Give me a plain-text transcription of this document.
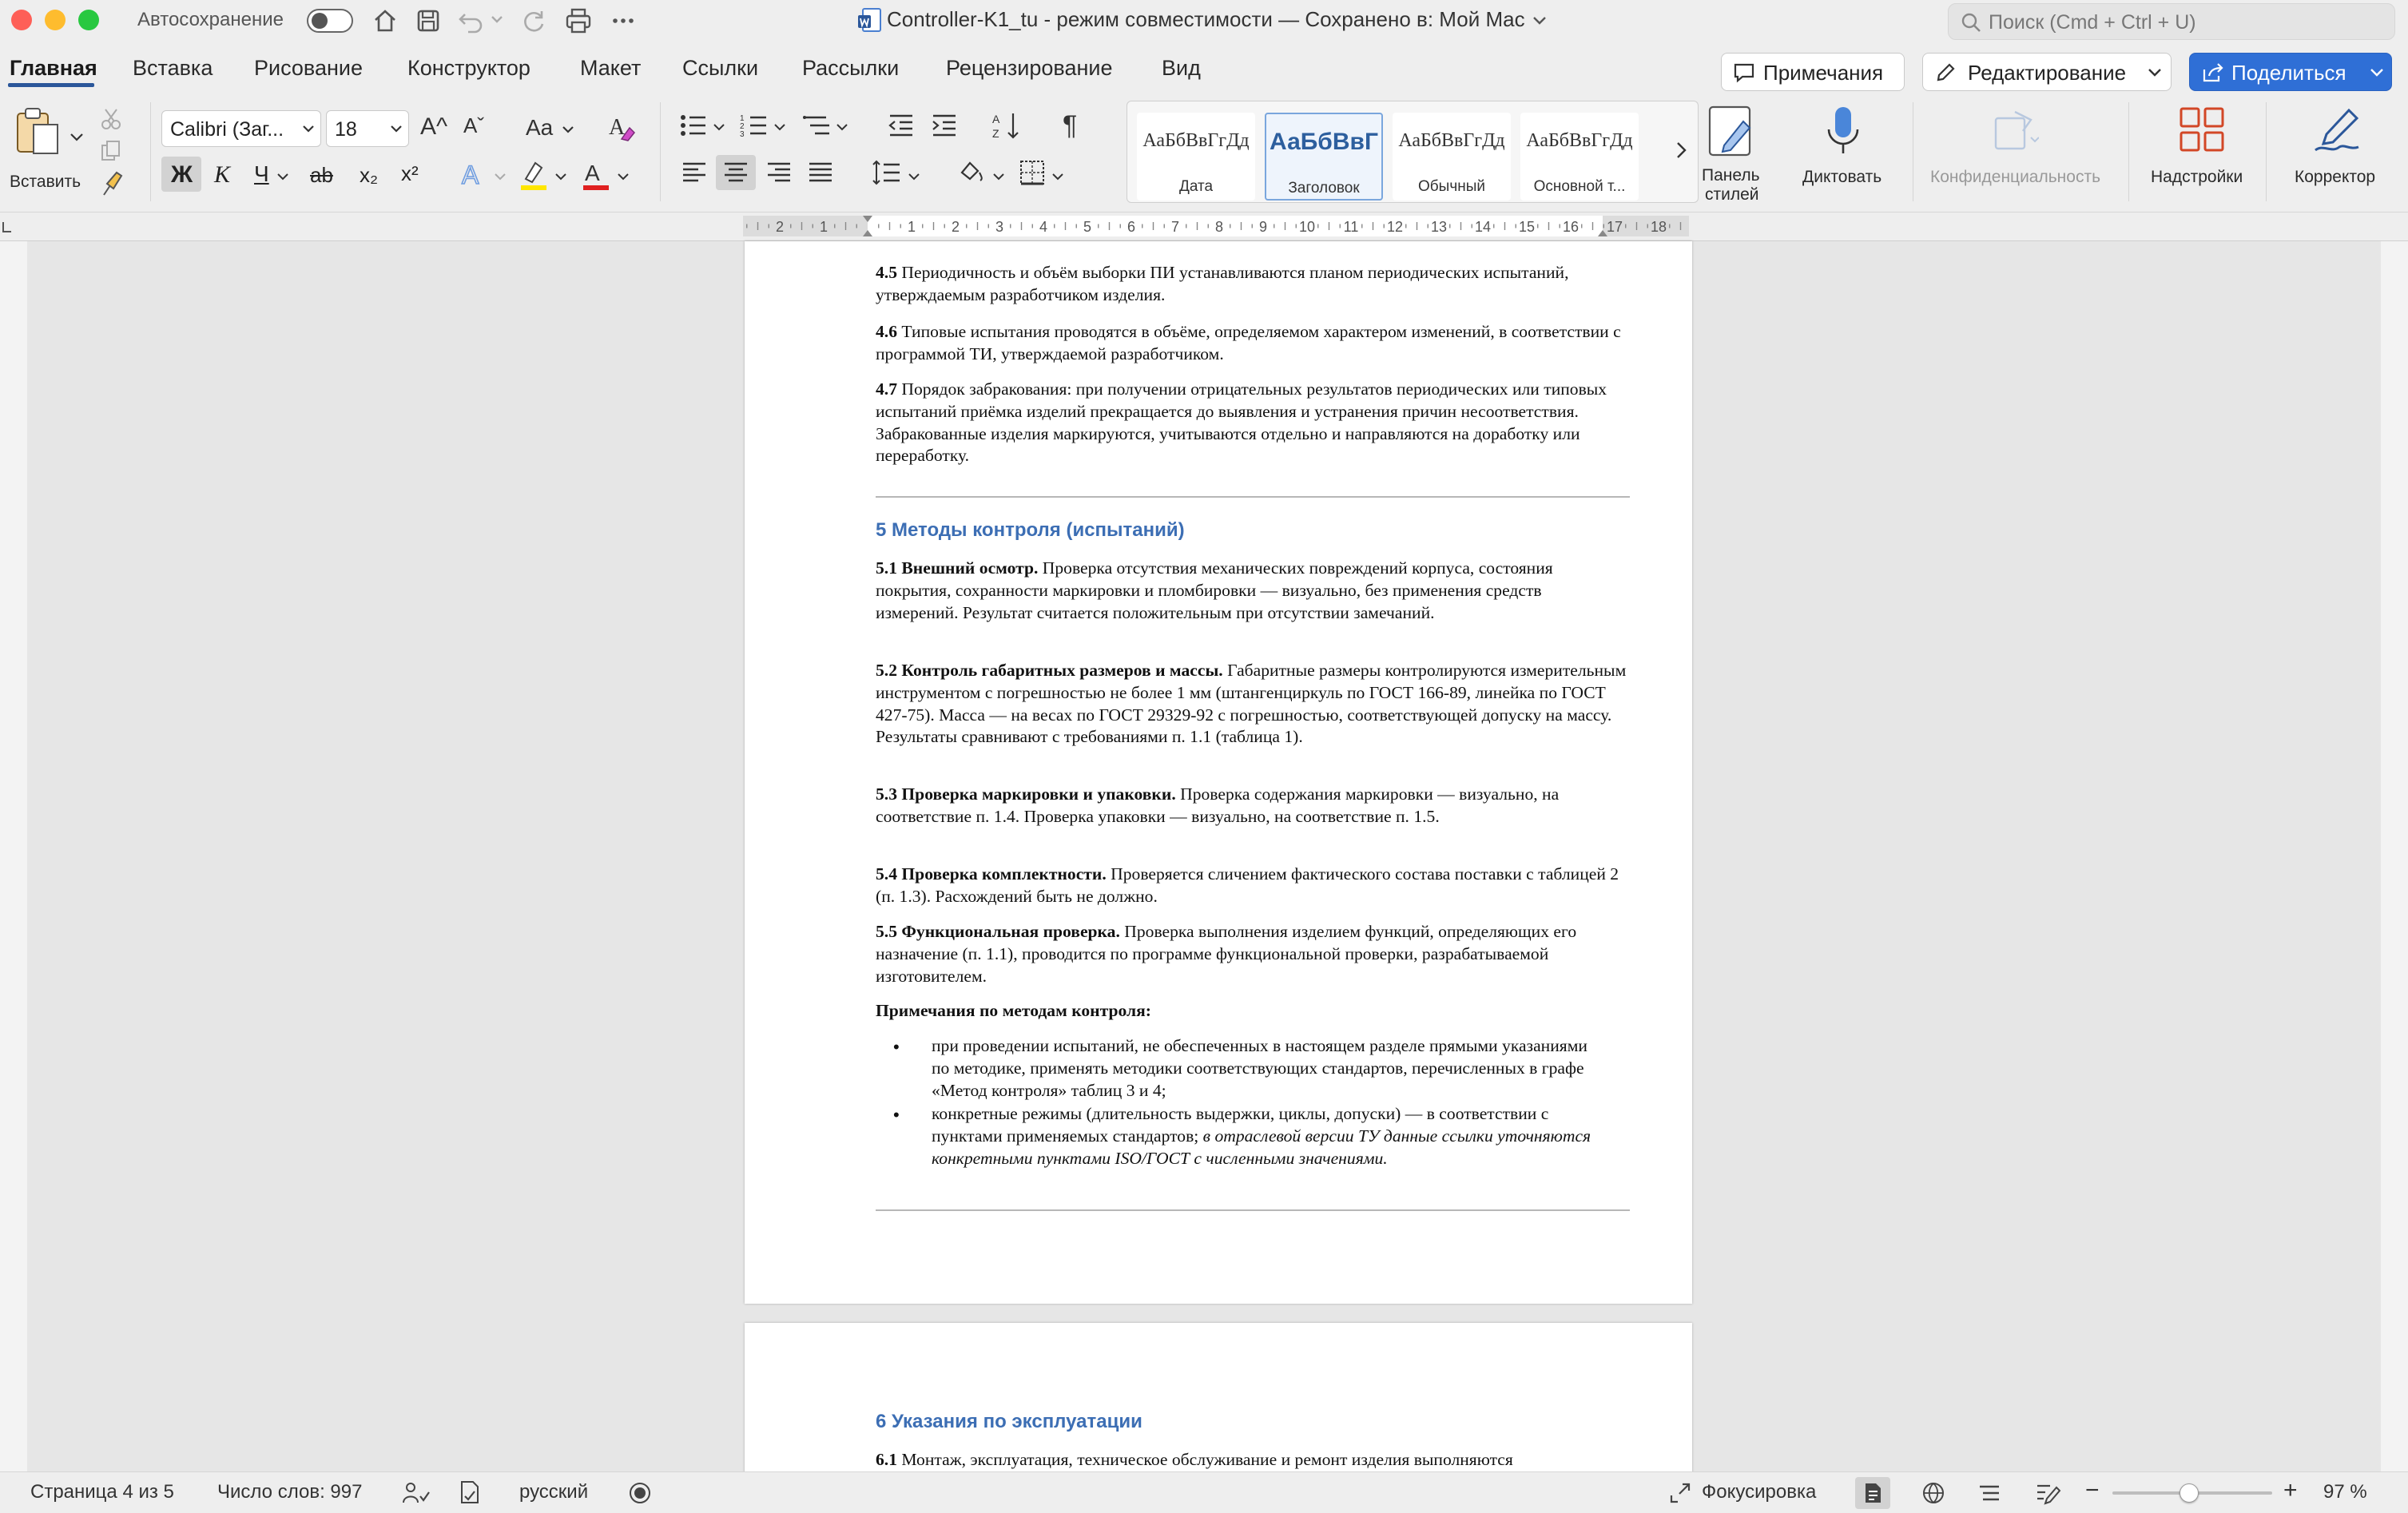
Автосохранение	Controller-K1_tu - режим совместимости — Сохранено в: Мой Mac	Поиск (Cmd + Ctrl + U)
Главная Вставка Рисование Конструктор Макет Ссылки Рассылки Рецензирование Вид	Примечания	Редактирование	Поделиться
Вставить
Calibri (Заг...	18	A^ Aˇ Aa A
Ж К Ч ab x₂ x² A	A
1
2
3
A
Z ¶	АаБбВвГгДд
Дата
АаБбВвГ
Заголовок
АаБбВвГгДд
Обычный
АаБбВвГгДд
Основной т...
Панель
стилей
Диктовать	Конфиденциальность	Надстройки	Корректор
2 1	1 2 3 4 5 6 7 8 9 10 11 12 13 14 15 16 17 18

4.5 Периодичность и объём выборки ПИ устанавливаются планом периодических испытаний, утверждаемым разработчиком изделия.

4.6 Типовые испытания проводятся в объёме, определяемом характером изменений, в соответствии с программой ТИ, утверждаемой разработчиком.

4.7 Порядок забракования: при получении отрицательных результатов периодических или типовых испытаний приёмка изделий прекращается до выявления и устранения причин несоответствия. Забракованные изделия маркируются, учитываются отдельно и направляются на доработку или переработку.

5 Методы контроля (испытаний)

5.1 Внешний осмотр. Проверка отсутствия механических повреждений корпуса, состояния покрытия, сохранности маркировки и пломбировки — визуально, без применения средств измерений. Результат считается положительным при отсутствии замечаний.

5.2 Контроль габаритных размеров и массы. Габаритные размеры контролируются измерительным инструментом с погрешностью не более 1 мм (штангенциркуль по ГОСТ 166-89, линейка по ГОСТ 427-75). Масса — на весах по ГОСТ 29329-92 с погрешностью, соответствующей допуску на массу. Результаты сравнивают с требованиями п. 1.1 (таблица 1).

5.3 Проверка маркировки и упаковки. Проверка содержания маркировки — визуально, на соответствие п. 1.4. Проверка упаковки — визуально, на соответствие п. 1.5.

5.4 Проверка комплектности. Проверяется сличением фактического состава поставки с таблицей 2 (п. 1.3). Расхождений быть не должно.

5.5 Функциональная проверка. Проверка выполнения изделием функций, определяющих его назначение (п. 1.1), проводится по программе функциональной проверки, разрабатываемой изготовителем.

Примечания по методам контроля:
• при проведении испытаний, не обеспеченных в настоящем разделе прямыми указаниями по методике, применять методики соответствующих стандартов, перечисленных в графе «Метод контроля» таблиц 3 и 4;
• конкретные режимы (длительность выдержки, циклы, допуски) — в соответствии с пунктами применяемых стандартов; в отраслевой версии ТУ данные ссылки уточняются конкретными пунктами ISO/ГОСТ с численными значениями.
6 Указания по эксплуатации
6.1 Монтаж, эксплуатация, техническое обслуживание и ремонт изделия выполняются
Страница 4 из 5 Число слов: 997	русский	Фокусировка	−	+ 97 %
